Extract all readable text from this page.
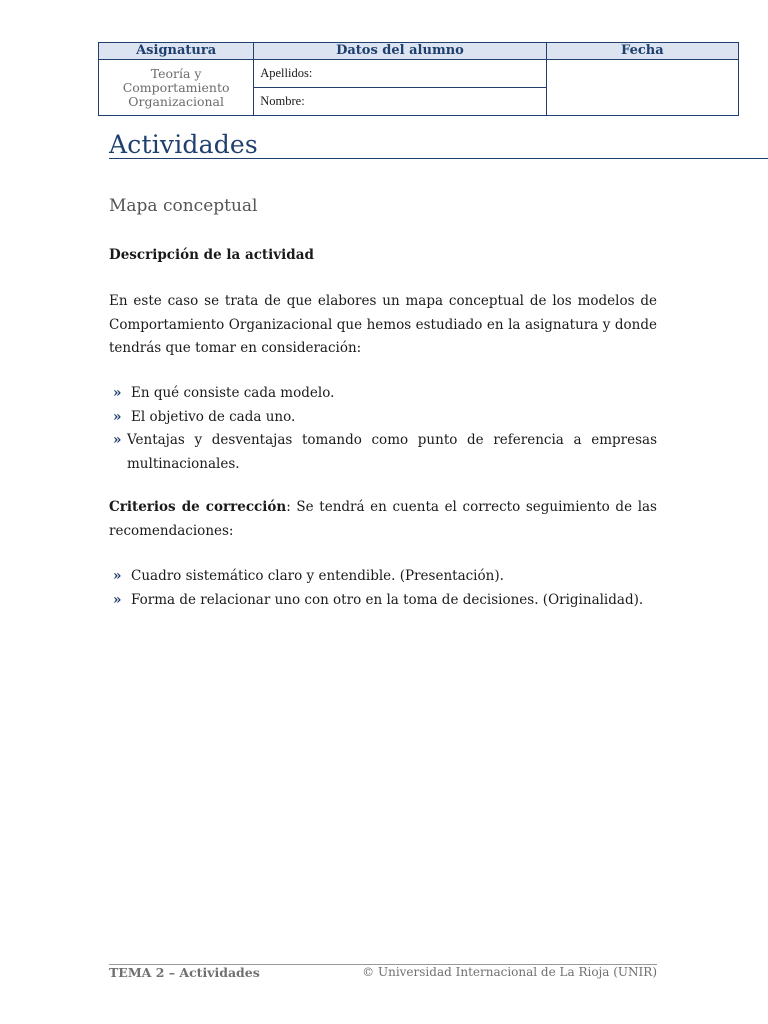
Asignatura	Datos del alumno	Fecha
Teoría y Comportamiento Organizacional	Apellidos:	
	Nombre:	
Actividades
Mapa conceptual
Descripción de la actividad

En este caso se trata de que elabores un mapa conceptual de los modelos de Comportamiento Organizacional que hemos estudiado en la asignatura y donde tendrás que tomar en consideración:

» En qué consiste cada modelo.
» El objetivo de cada uno.
» Ventajas y desventajas tomando como punto de referencia a empresas multinacionales.

Criterios de corrección: Se tendrá en cuenta el correcto seguimiento de las recomendaciones:

» Cuadro sistemático claro y entendible. (Presentación).
» Forma de relacionar uno con otro en la toma de decisiones. (Originalidad).
TEMA 2 – Actividades	© Universidad Internacional de La Rioja (UNIR)
